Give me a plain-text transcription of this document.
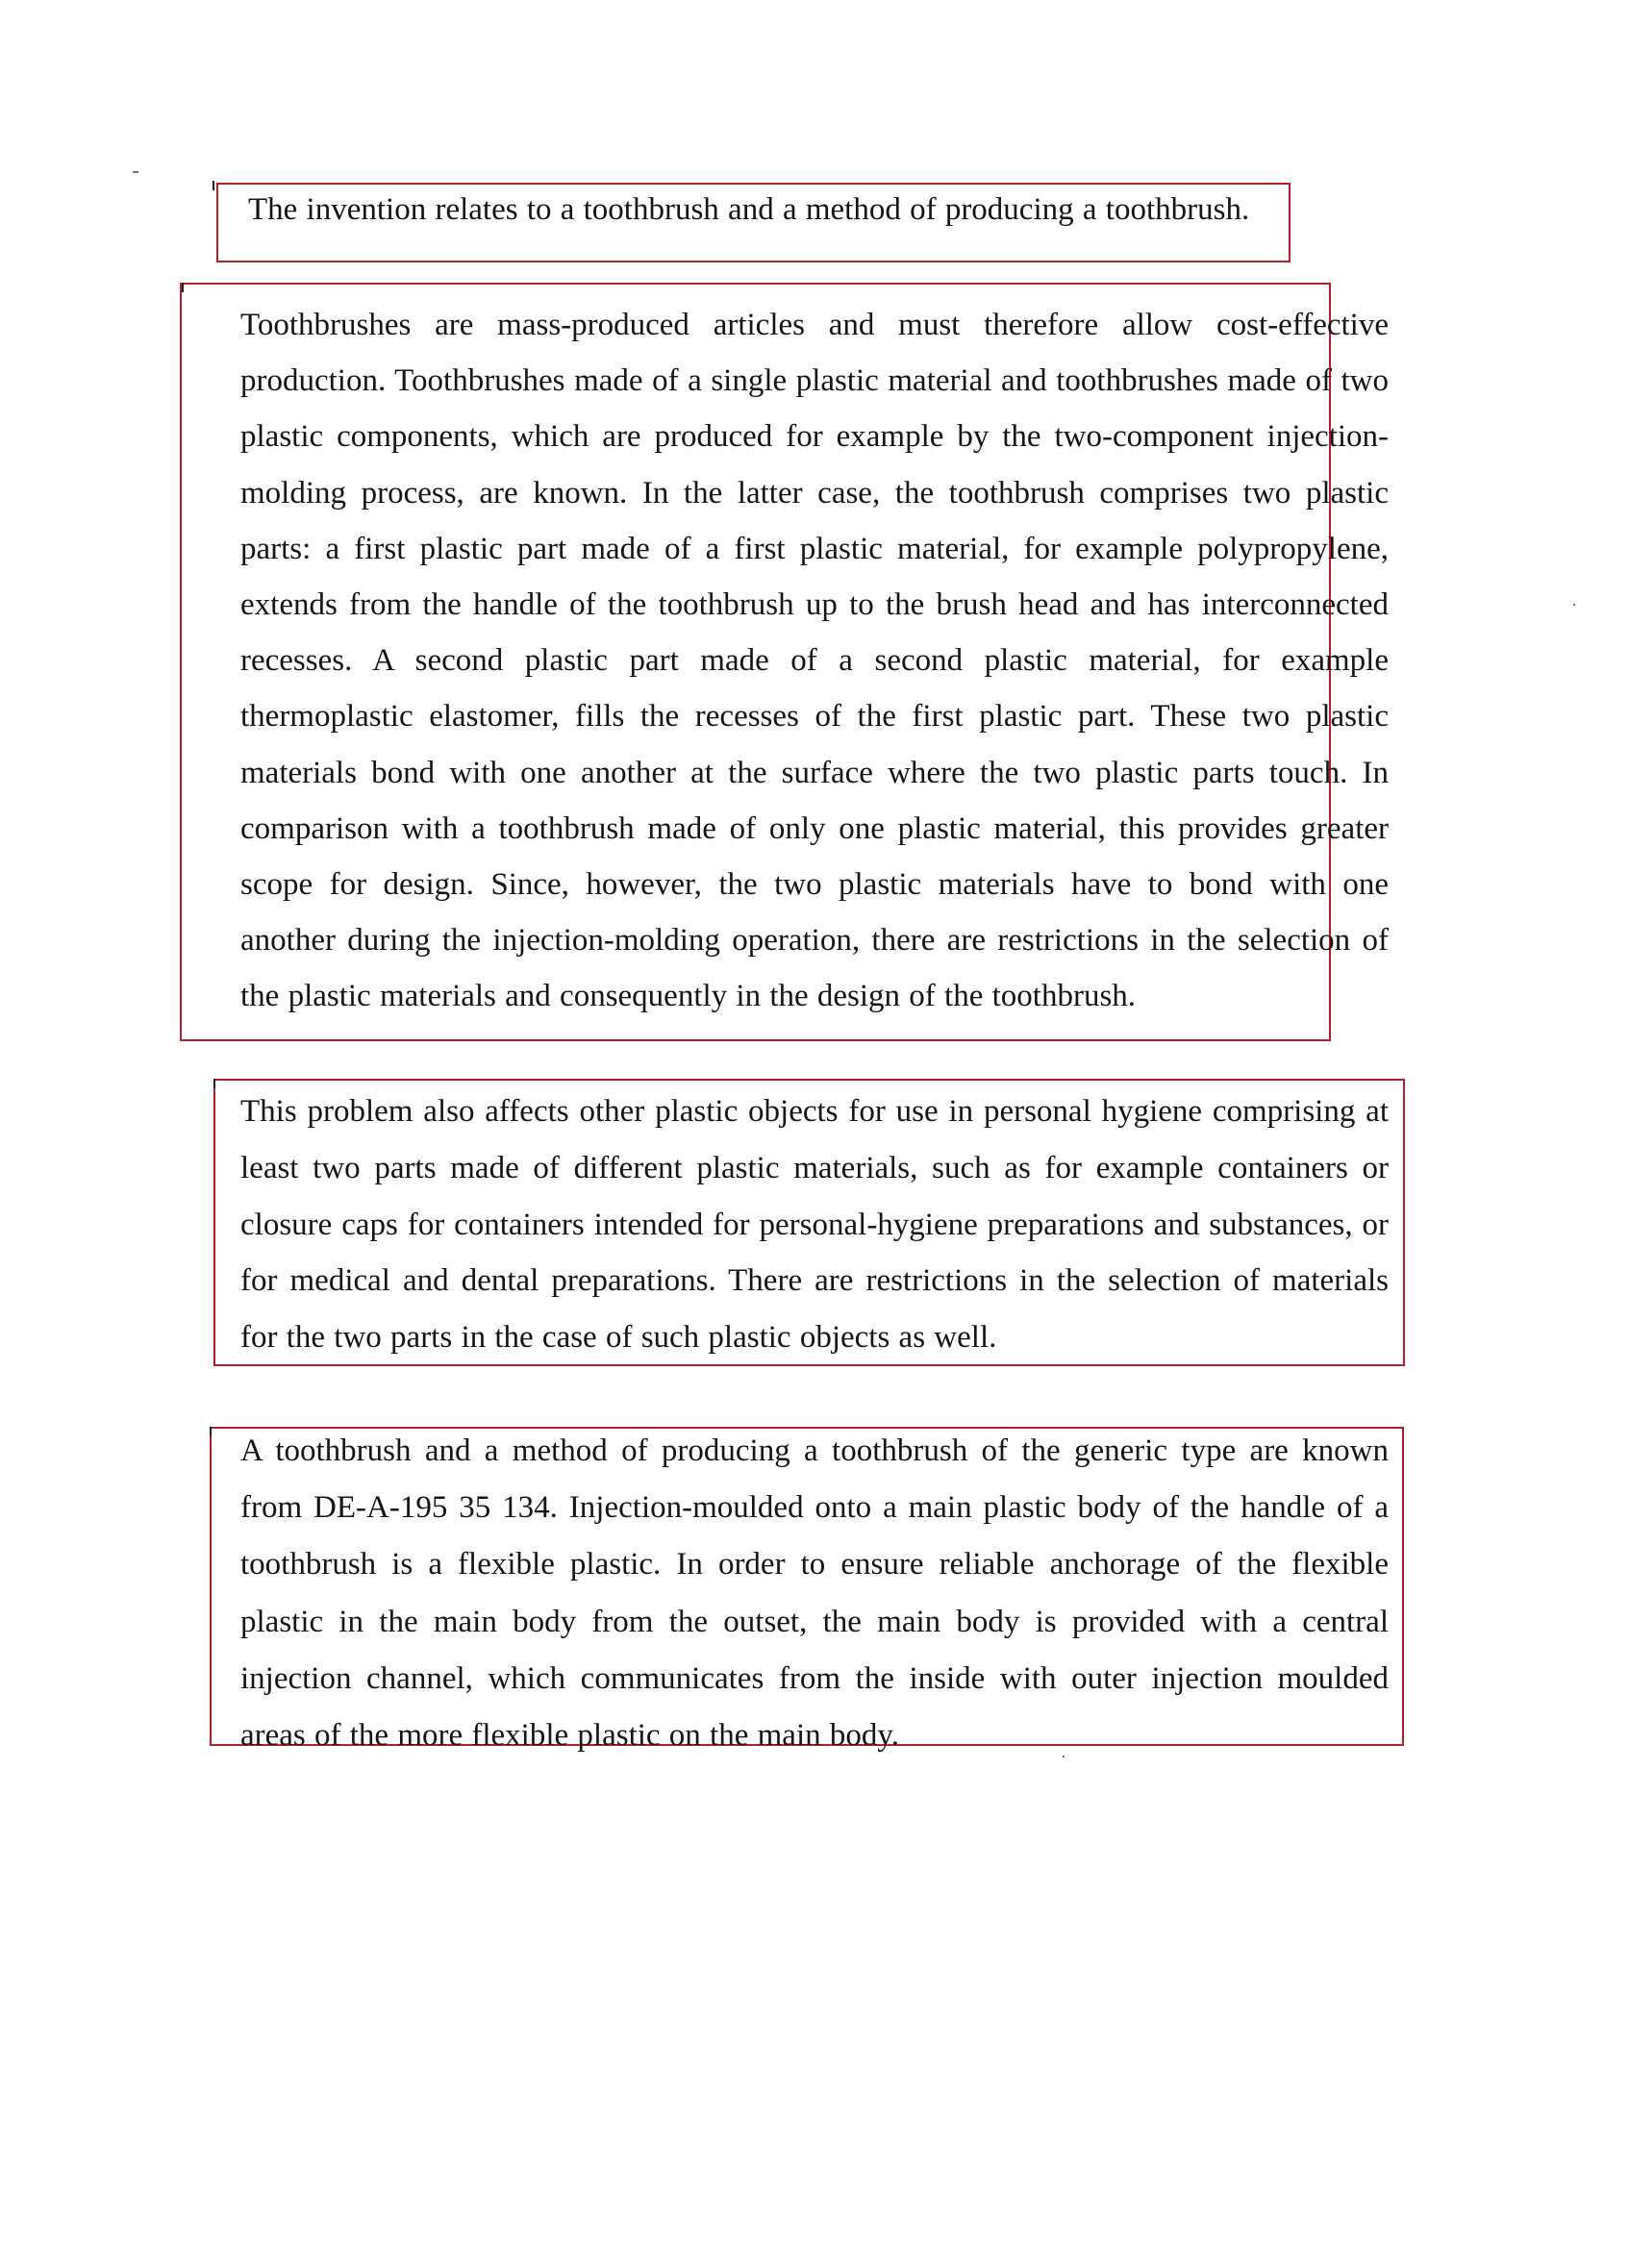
The invention relates to a toothbrush and a method of producing a toothbrush.
Toothbrushes are mass-produced articles and must therefore allow cost-effective production. Toothbrushes made of a single plastic material and toothbrushes made of two plastic components, which are produced for example by the two-component injection-molding process, are known. In the latter case, the toothbrush comprises two plastic parts: a first plastic part made of a first plastic material, for example polypropylene, extends from the handle of the toothbrush up to the brush head and has interconnected recesses. A second plastic part made of a second plastic material, for example thermoplastic elastomer, fills the recesses of the first plastic part. These two plastic materials bond with one another at the surface where the two plastic parts touch. In comparison with a toothbrush made of only one plastic material, this provides greater scope for design. Since, however, the two plastic materials have to bond with one another during the injection-molding operation, there are restrictions in the selection of the plastic materials and consequently in the design of the toothbrush.
This problem also affects other plastic objects for use in personal hygiene comprising at least two parts made of different plastic materials, such as for example containers or closure caps for containers intended for personal-hygiene preparations and substances, or for medical and dental preparations. There are restrictions in the selection of materials for the two parts in the case of such plastic objects as well.
A toothbrush and a method of producing a toothbrush of the generic type are known from DE-A-195 35 134. Injection-moulded onto a main plastic body of the handle of a toothbrush is a flexible plastic. In order to ensure reliable anchorage of the flexible plastic in the main body from the outset, the main body is provided with a central injection channel, which communicates from the inside with outer injection moulded areas of the more flexible plastic on the main body.
